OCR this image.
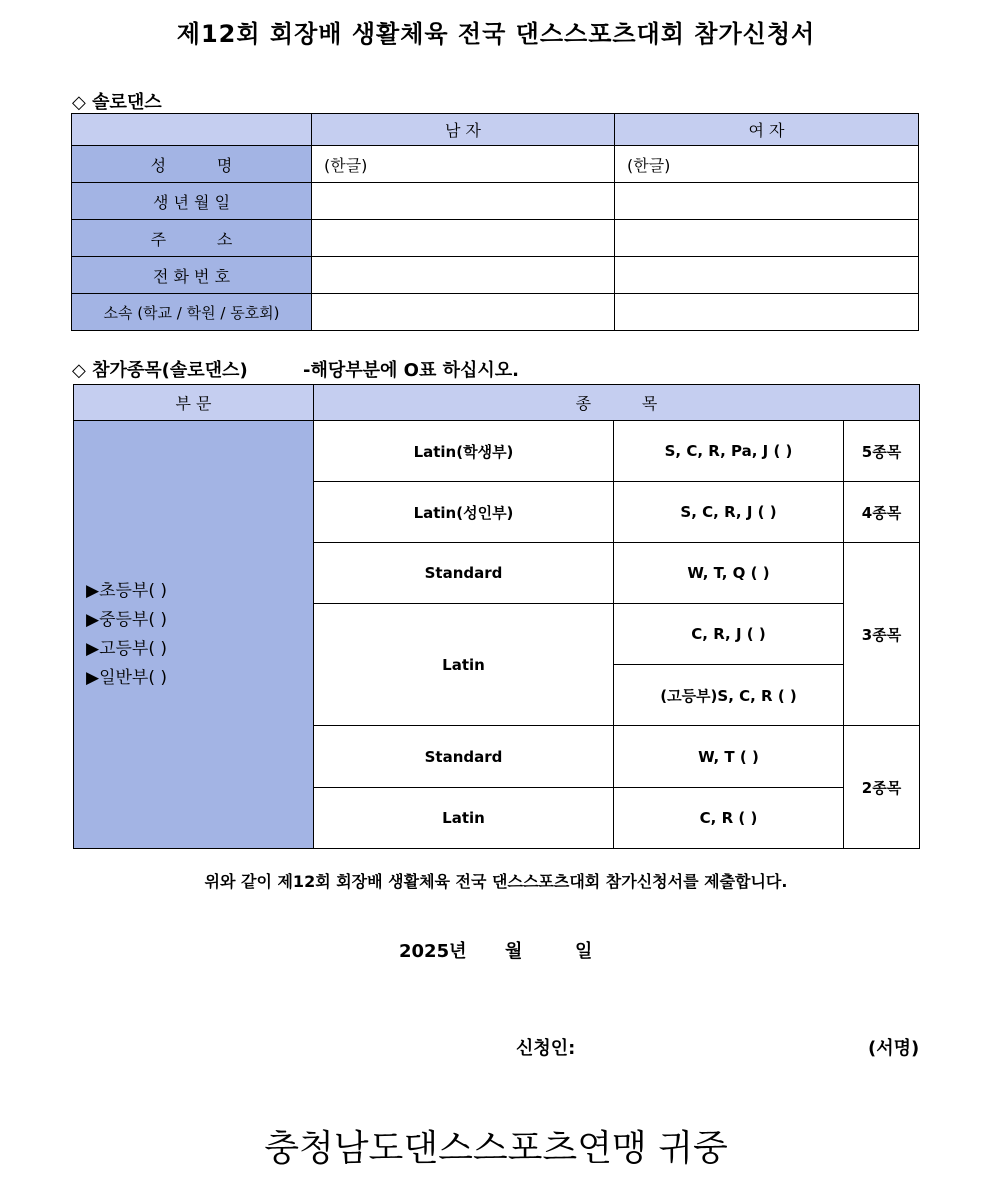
제12회 회장배 생활체육 전국 댄스스포츠대회 참가신청서
◇ 솔로댄스
	남 자	여 자
성          명	(한글)	(한글)
생 년 월 일		
주          소		
전 화 번 호		
소속 (학교 / 학원 / 동호회)		
◇ 참가종목(솔로댄스)	-해당부분에 O표 하십시오.
부 문	종          목		

▶초등부( )
▶중등부( )
▶고등부( )
▶일반부( )	Latin(학생부)	S, C, R, Pa, J ( )	5종목
	Latin(성인부)	S, C, R, J ( )	4종목
	Standard	W, T, Q ( )	3종목
	Latin	C, R, J ( )	
		(고등부)S, C, R ( )	
	Standard	W, T ( )	2종목
	Latin	C, R ( )	
위와 같이 제12회 회장배 생활체육 전국 댄스스포츠대회 참가신청서를 제출합니다.
2025년 월	일
신청인:	(서명)
충청남도댄스스포츠연맹 귀중
